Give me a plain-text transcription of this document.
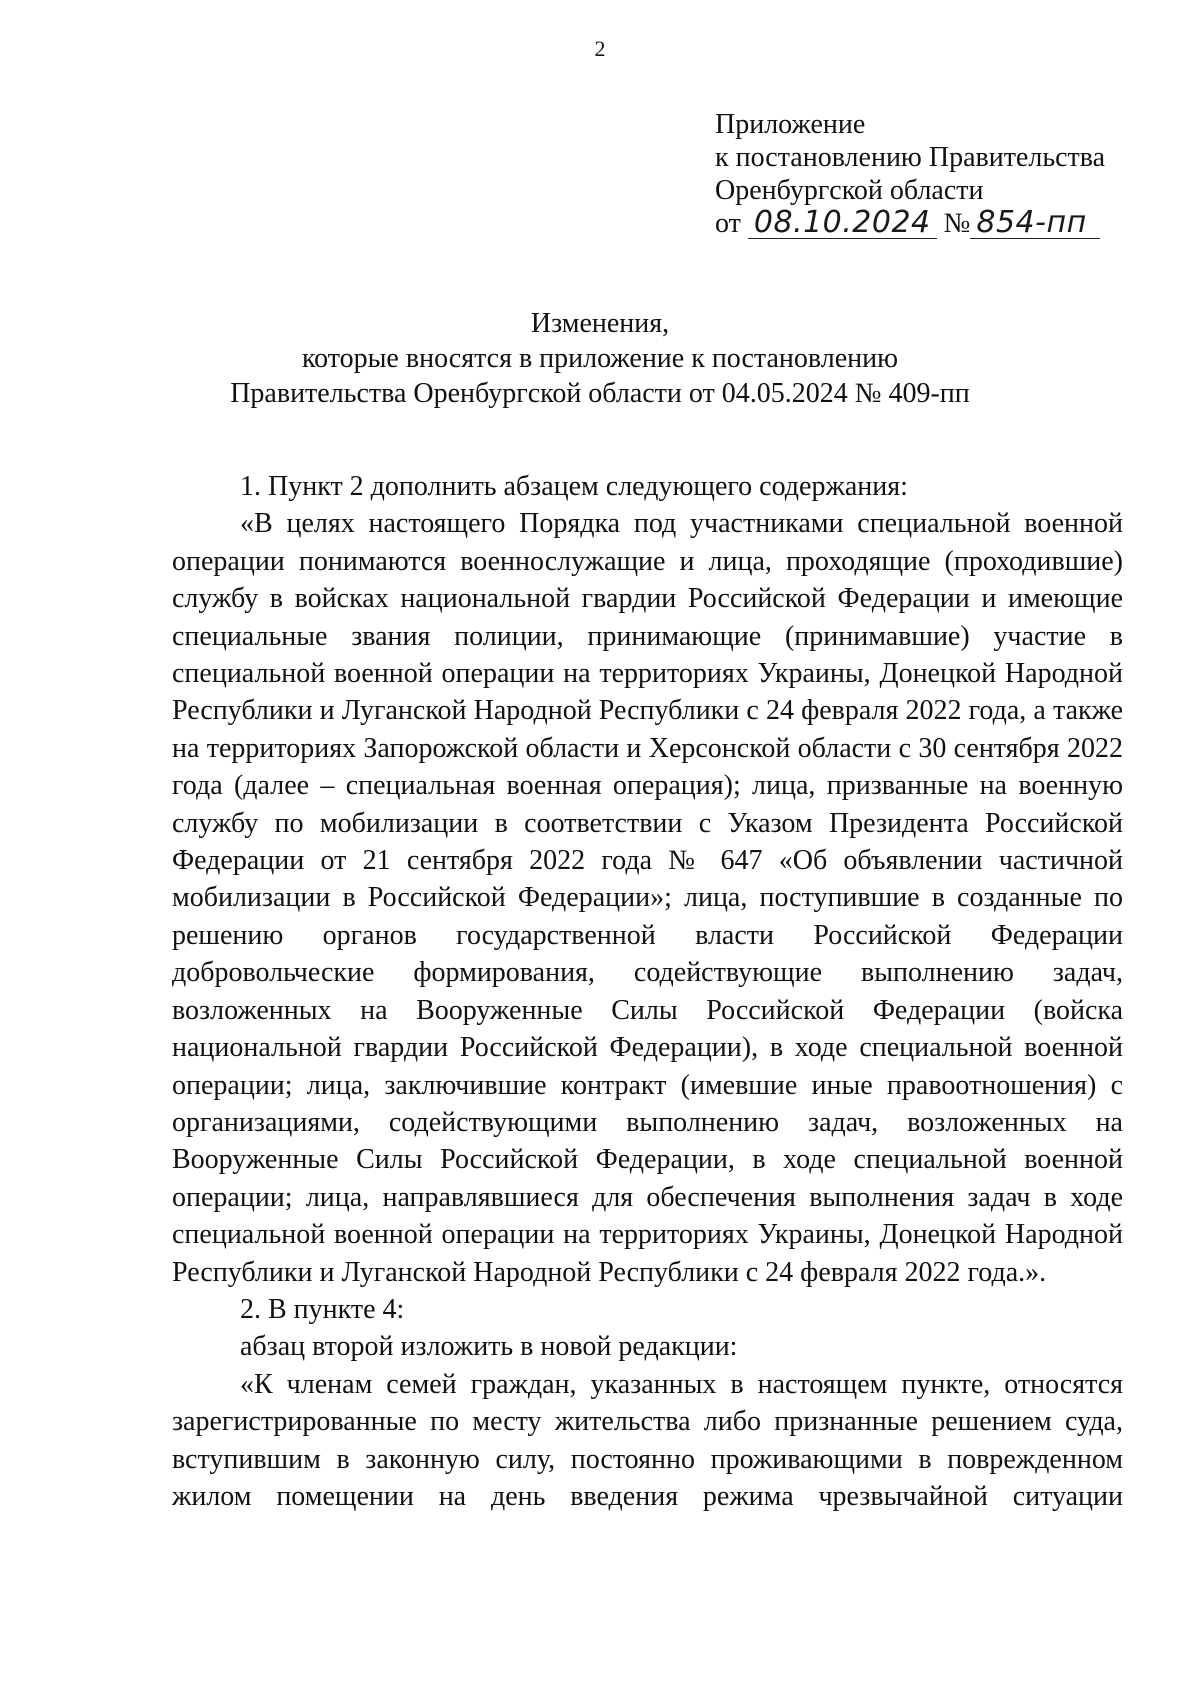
2
Приложение
к постановлению Правительства
Оренбургской области
от 08.10.2024 № 854-пп
Изменения,
которые вносятся в приложение к постановлению
Правительства Оренбургской области от 04.05.2024 № 409-пп

1. Пункт 2 дополнить абзацем следующего содержания:

«В целях настоящего Порядка под участниками специальной военной операции понимаются военнослужащие и лица, проходящие (проходившие) службу в войсках национальной гвардии Российской Федерации и имеющие специальные звания полиции, принимающие (принимавшие) участие в специальной военной операции на территориях Украины, Донецкой Народной Республики и Луганской Народной Республики с 24 февраля 2022 года, а также на территориях Запорожской области и Херсонской области с 30 сентября 2022 года (далее – специальная военная операция); лица, призванные на военную службу по мобилизации в соответствии с Указом Президента Российской Федерации от 21 сентября 2022 года № 647 «Об объявлении частичной мобилизации в Российской Федерации»; лица, поступившие в созданные по решению органов государственной власти Российской Федерации добровольческие формирования, содействующие выполнению задач, возложенных на Вооруженные Силы Российской Федерации (войска национальной гвардии Российской Федерации), в ходе специальной военной операции; лица, заключившие контракт (имевшие иные правоотношения) с организациями, содействующими выполнению задач, возложенных на Вооруженные Силы Российской Федерации, в ходе специальной военной операции; лица, направлявшиеся для обеспечения выполнения задач в ходе специальной военной операции на территориях Украины, Донецкой Народной Республики и Луганской Народной Республики с 24 февраля 2022 года.».

2. В пункте 4:

абзац второй изложить в новой редакции:

«К членам семей граждан, указанных в настоящем пункте, относятся зарегистрированные по месту жительства либо признанные решением суда, вступившим в законную силу, постоянно проживающими в поврежденном жилом помещении на день введения режима чрезвычайной ситуации
